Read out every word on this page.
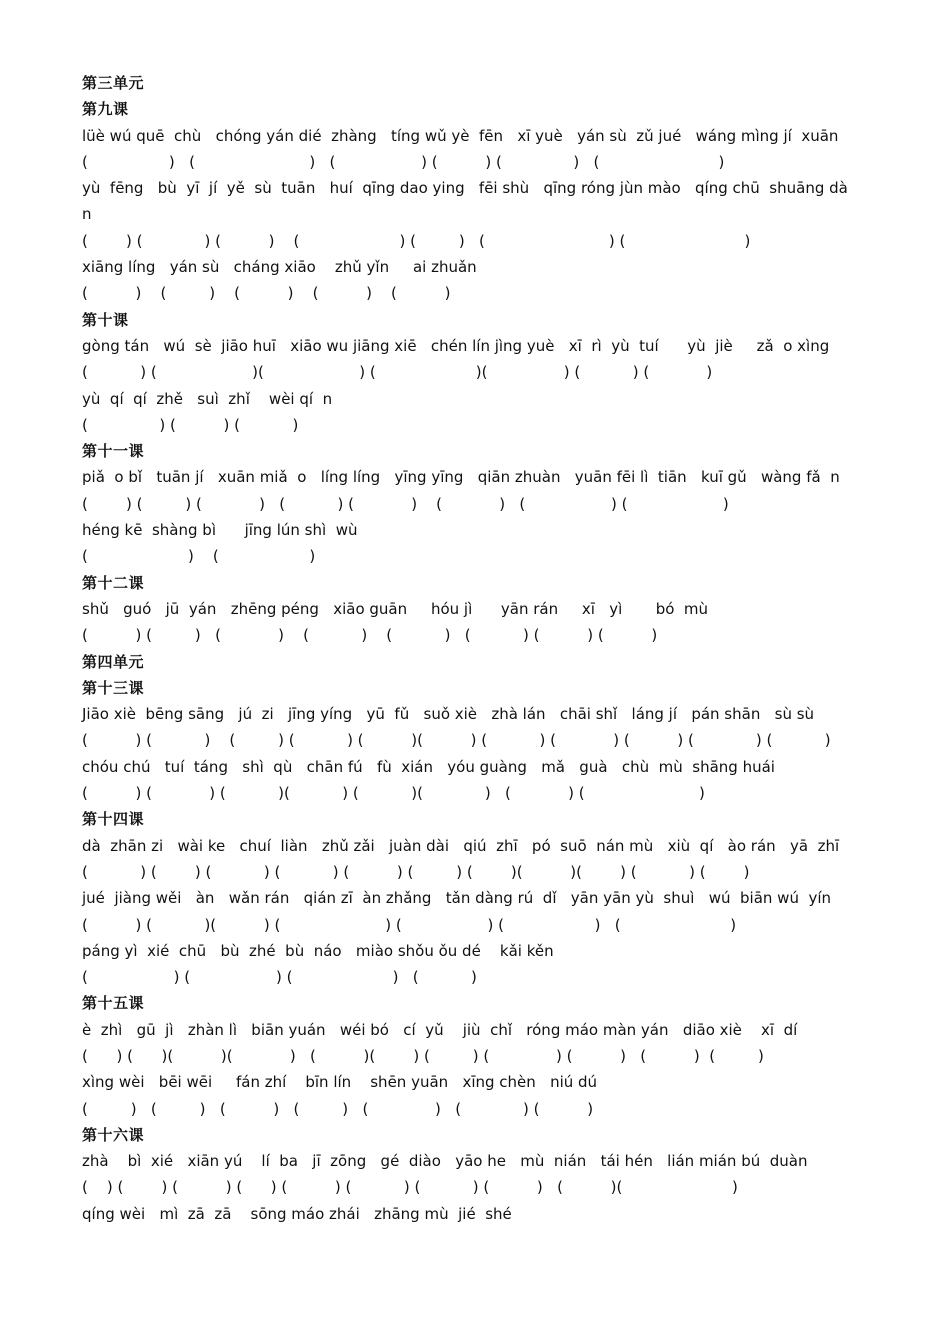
第三单元
第九课
lüè wú quē  chù   chóng yán dié  zhàng   tíng wǔ yè  fēn   xī yuè   yán sù  zǔ jué   wáng mìng jí  xuān
(                 )   (                        )   (                  ) (          ) (               )   (                         )
yù  fēng   bù  yī  jí  yě  sù  tuān   huí  qīng dao ying   fēi shù   qīng róng jùn mào   qíng chū  shuāng dà
n
(        ) (             ) (          )    (                     ) (         )   (                          ) (                         )
xiāng líng   yán sù   cháng xiāo    zhǔ yǐn     ai zhuǎn
(          )    (         )    (          )    (          )    (          )
第十课
gòng tán   wú  sè  jiāo huī   xiāo wu jiāng xiē   chén lín jìng yuè   xī  rì  yù  tuí      yù  jiè     zǎ  o xìng
(           ) (                    )(                    ) (                     )(                ) (           ) (            )
yù  qí  qí  zhě   suì  zhǐ    wèi qí  n
(               ) (          ) (           )
第十一课
piǎ  o bǐ   tuān jí   xuān miǎ  o   líng líng   yīng yīng   qiān zhuàn   yuān fēi lì  tiān   kuī gǔ   wàng fǎ  n
(        ) (         ) (            )   (           ) (            )    (            )   (                  ) (                    )
héng kē  shàng bì      jīng lún shì  wù
(                     )    (                   )
第十二课
shǔ   guó   jū  yán   zhēng péng   xiāo guān     hóu jì      yān rán     xī   yì       bó  mù
(          ) (         )   (            )    (           )    (           )   (           ) (          ) (          )
第四单元
第十三课
Jiāo xiè  bēng sāng   jú  zi   jīng yíng   yū  fǔ   suǒ xiè   zhà lán   chāi shǐ   láng jí   pán shān   sù sù
(          ) (           )    (         ) (           ) (          )(          ) (           ) (            ) (          ) (             ) (           )
chóu chú   tuí  táng   shì  qù   chān fú   fù  xián   yóu guàng   mǎ   guà   chù  mù  shāng huái
(          ) (            ) (           )(           ) (           )(             )   (            ) (                        )
第十四课
dà  zhān zi   wài ke   chuí  liàn   zhǔ zǎi   juàn dài   qiú  zhī   pó  suō  nán mù   xiù  qí   ào rán   yā  zhī
(           ) (        ) (           ) (           ) (          ) (         ) (        )(          )(        ) (           ) (        )
jué  jiàng wěi   àn   wǎn rán   qián zī  àn zhǎng   tǎn dàng rú  dǐ   yān yān yù  shuì   wú  biān wú  yín
(          ) (           )(          ) (                      ) (                  ) (                   )   (                       )
páng yì  xié  chū   bù  zhé  bù  náo   miào shǒu ǒu dé    kǎi kěn
(                  ) (                  ) (                     )   (           )
第十五课
è  zhì   gū  jì   zhàn lì   biān yuán   wéi bó   cí  yǔ    jiù  chǐ   róng máo màn yán   diāo xiè    xī  dí
(      ) (      )(          )(            )   (          )(        ) (         ) (              ) (          )   (          )  (         )
xìng wèi   bēi wēi     fán zhí    bīn lín    shēn yuān   xīng chèn   niú dú
(         )   (         )   (          )   (         )   (              )   (             ) (          )
第十六课
zhà    bì  xié   xiān yú    lí  ba   jī  zōng   gé  diào   yāo he   mù  nián   tái hén   lián mián bú  duàn
(    ) (        ) (          ) (      ) (          ) (           ) (           ) (          )   (          )(                       )
qíng wèi   mì  zā  zā    sōng máo zhái   zhāng mù  jié  shé
